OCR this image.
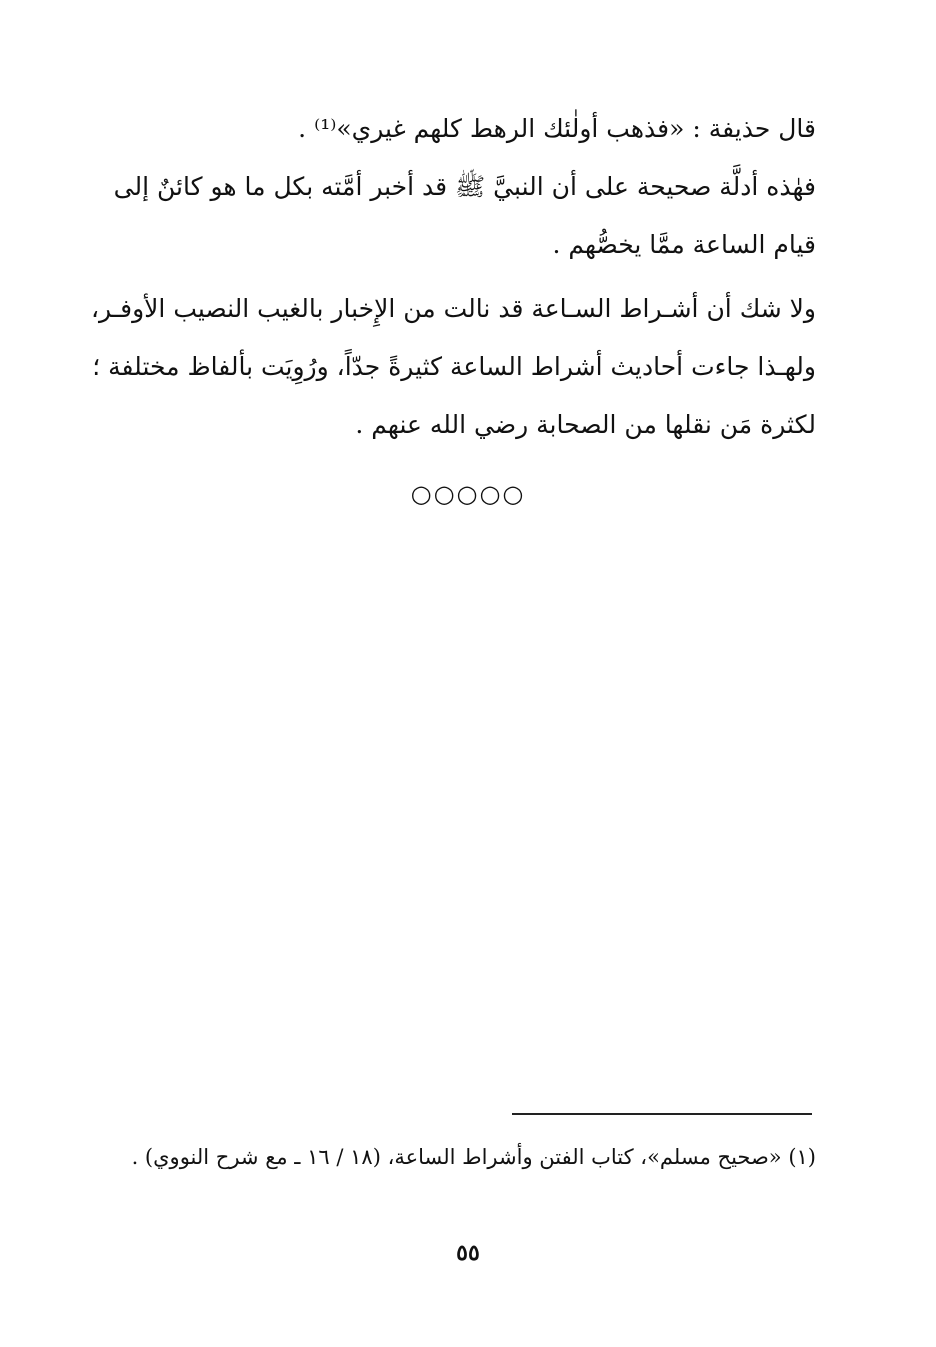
قال حذيفة : «فذهب أولٰئك الرهط كلهم غيري»⁽¹⁾ .

فهٰذه أدلَّة صحيحة على أن النبيَّ ﷺ قد أخبر أمَّته بكل ما هو كائنٌ إلى قيام الساعة ممَّا يخصُّهم .

ولا شك أن أشـراط السـاعة قد نالت من الإِخبار بالغيب النصيب الأوفـر، ولهـذا جاءت أحاديث أشراط الساعة كثيرةً جدّاً، ورُوِيَت بألفاظ مختلفة ؛ لكثرة مَن نقلها من الصحابة رضي الله عنهم .

○○○○○

(١) «صحيح مسلم»، كتاب الفتن وأشراط الساعة، (١٨ / ١٦ ـ مع شرح النووي) .

٥٥
